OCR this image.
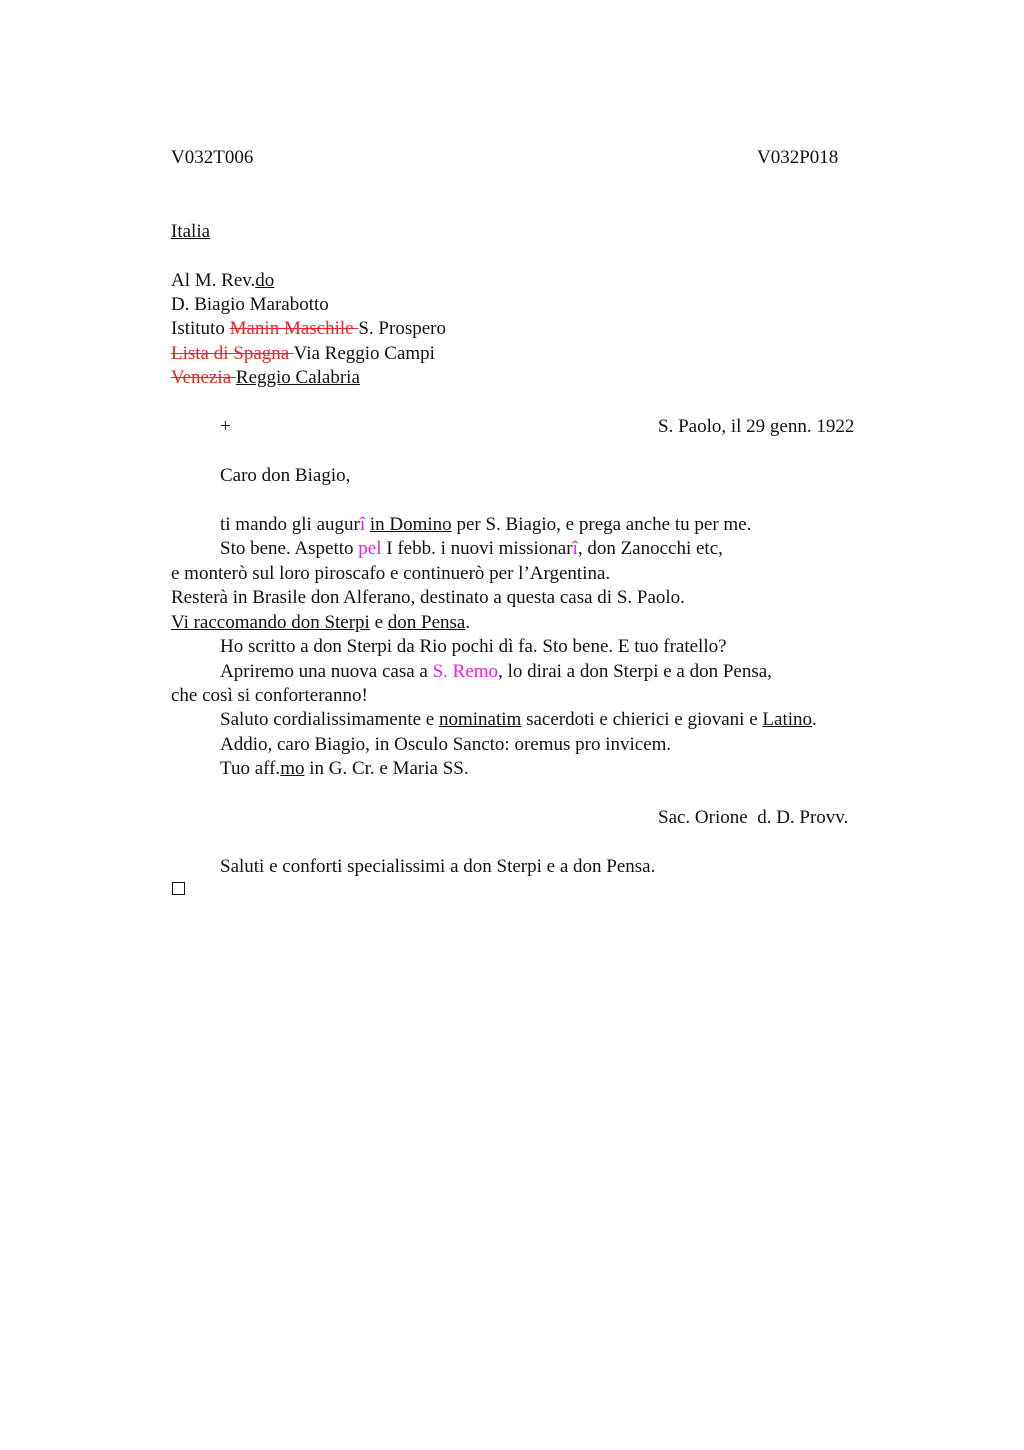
V032T006	V032P018
Italia
Al M. Rev.do
D. Biagio Marabotto
Istituto Manin Maschile S. Prospero
Lista di Spagna Via Reggio Campi
Venezia Reggio Calabria
+	S. Paolo, il 29 genn. 1922
Caro don Biagio,
ti mando gli augurî in Domino per S. Biagio, e prega anche tu per me.
Sto bene. Aspetto pel I febb. i nuovi missionarî, don Zanocchi etc,
e monterò sul loro piroscafo e continuerò per l’Argentina.
Resterà in Brasile don Alferano, destinato a questa casa di S. Paolo.
Vi raccomando don Sterpi e don Pensa.
Ho scritto a don Sterpi da Rio pochi dì fa. Sto bene. E tuo fratello?
Apriremo una nuova casa a S. Remo, lo dirai a don Sterpi e a don Pensa,
che così si conforteranno!
Saluto cordialissimamente e nominatim sacerdoti e chierici e giovani e Latino.
Addio, caro Biagio, in Osculo Sancto: oremus pro invicem.
Tuo aff.mo in G. Cr. e Maria SS.
Sac. Orione  d. D. Provv.
Saluti e conforti specialissimi a don Sterpi e a don Pensa.
